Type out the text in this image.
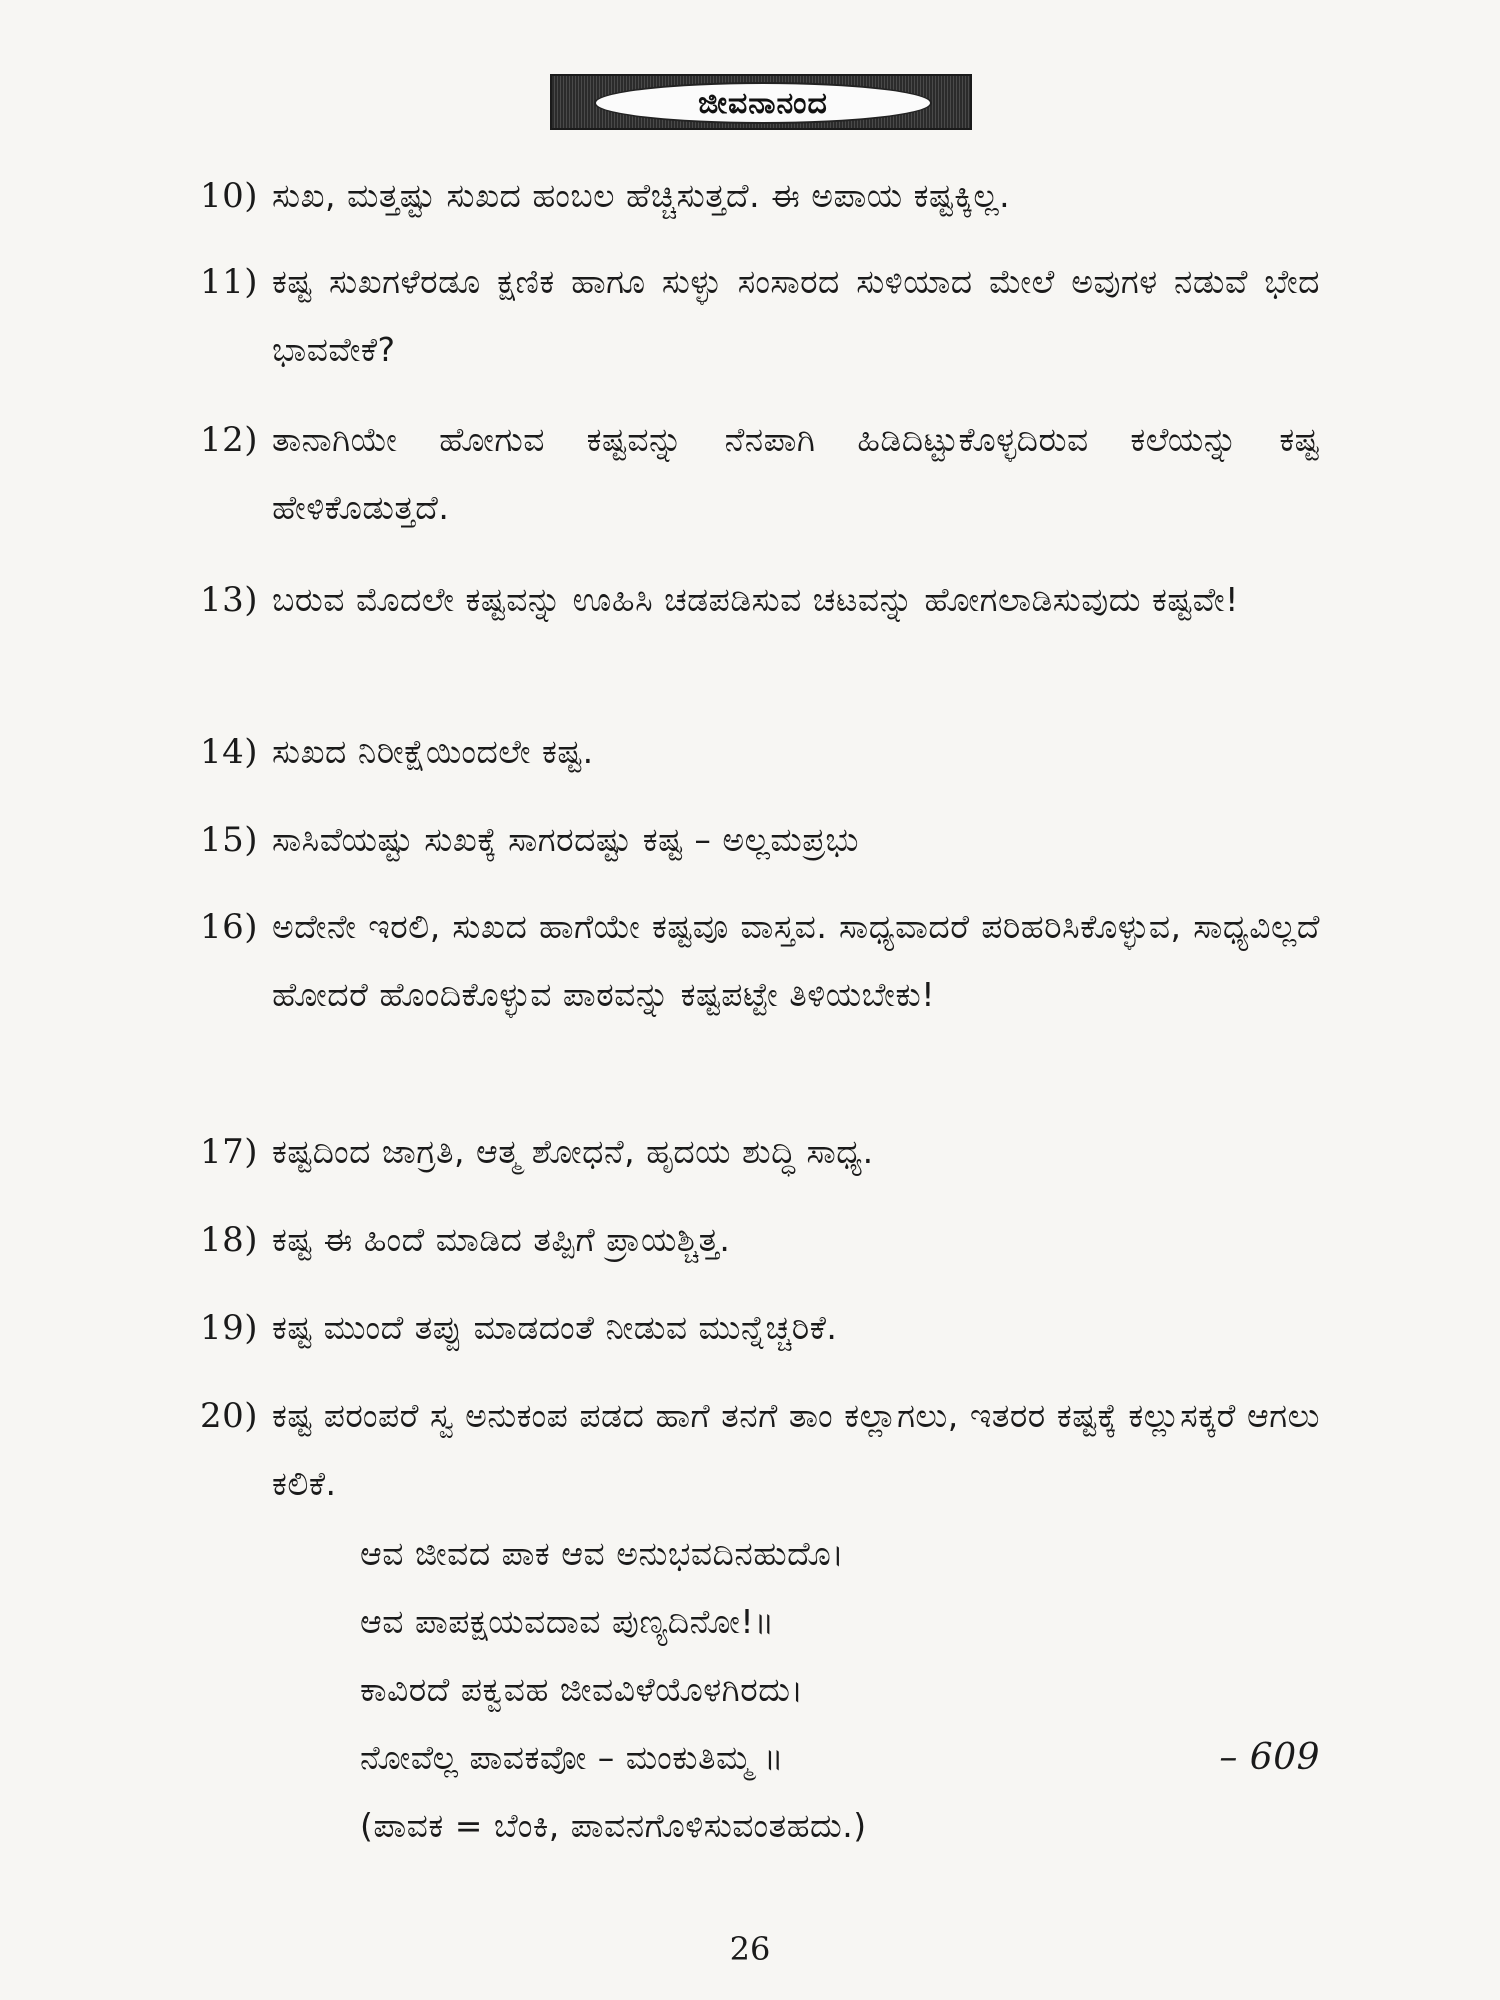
ಜೀವನಾನಂದ
10) ಸುಖ, ಮತ್ತಷ್ಟು ಸುಖದ ಹಂಬಲ ಹೆಚ್ಚಿಸುತ್ತದೆ. ಈ ಅಪಾಯ ಕಷ್ಟಕ್ಕಿಲ್ಲ.
11) ಕಷ್ಟ ಸುಖಗಳೆರಡೂ ಕ್ಷಣಿಕ ಹಾಗೂ ಸುಳ್ಳು ಸಂಸಾರದ ಸುಳಿಯಾದ ಮೇಲೆ ಅವುಗಳ ನಡುವೆ ಭೇದ ಭಾವವೇಕೆ?
12) ತಾನಾಗಿಯೇ ಹೋಗುವ ಕಷ್ಟವನ್ನು ನೆನಪಾಗಿ ಹಿಡಿದಿಟ್ಟುಕೊಳ್ಳದಿರುವ ಕಲೆಯನ್ನು ಕಷ್ಟ ಹೇಳಿಕೊಡುತ್ತದೆ.
13) ಬರುವ ಮೊದಲೇ ಕಷ್ಟವನ್ನು ಊಹಿಸಿ ಚಡಪಡಿಸುವ ಚಟವನ್ನು ಹೋಗಲಾಡಿಸುವುದು ಕಷ್ಟವೇ!
14) ಸುಖದ ನಿರೀಕ್ಷೆಯಿಂದಲೇ ಕಷ್ಟ.
15) ಸಾಸಿವೆಯಷ್ಟು ಸುಖಕ್ಕೆ ಸಾಗರದಷ್ಟು ಕಷ್ಟ – ಅಲ್ಲಮಪ್ರಭು
16) ಅದೇನೇ ಇರಲಿ, ಸುಖದ ಹಾಗೆಯೇ ಕಷ್ಟವೂ ವಾಸ್ತವ. ಸಾಧ್ಯವಾದರೆ ಪರಿಹರಿಸಿಕೊಳ್ಳುವ, ಸಾಧ್ಯವಿಲ್ಲದೆ ಹೋದರೆ ಹೊಂದಿಕೊಳ್ಳುವ ಪಾಠವನ್ನು ಕಷ್ಟಪಟ್ಟೇ ತಿಳಿಯಬೇಕು!
17) ಕಷ್ಟದಿಂದ ಜಾಗ್ರತಿ, ಆತ್ಮ ಶೋಧನೆ, ಹೃದಯ ಶುದ್ಧಿ ಸಾಧ್ಯ.
18) ಕಷ್ಟ ಈ ಹಿಂದೆ ಮಾಡಿದ ತಪ್ಪಿಗೆ ಪ್ರಾಯಶ್ಚಿತ್ತ.
19) ಕಷ್ಟ ಮುಂದೆ ತಪ್ಪು ಮಾಡದಂತೆ ನೀಡುವ ಮುನ್ನೆಚ್ಚರಿಕೆ.
20) ಕಷ್ಟ ಪರಂಪರೆ ಸ್ವ ಅನುಕಂಪ ಪಡದ ಹಾಗೆ ತನಗೆ ತಾಂ ಕಲ್ಲಾಗಲು, ಇತರರ ಕಷ್ಟಕ್ಕೆ ಕಲ್ಲುಸಕ್ಕರೆ ಆಗಲು ಕಲಿಕೆ.
ಆವ ಜೀವದ ಪಾಕ ಆವ ಅನುಭವದಿನಹುದೊ।
ಆವ ಪಾಪಕ್ಷಯವದಾವ ಪುಣ್ಯದಿನೋ!॥
ಕಾವಿರದೆ ಪಕ್ವವಹ ಜೀವವಿಳೆಯೊಳಗಿರದು।
ನೋವೆಲ್ಲ ಪಾವಕವೋ – ಮಂಕುತಿಮ್ಮ ॥	– 609
(ಪಾವಕ = ಬೆಂಕಿ, ಪಾವನಗೊಳಿಸುವಂತಹದು.)
26
